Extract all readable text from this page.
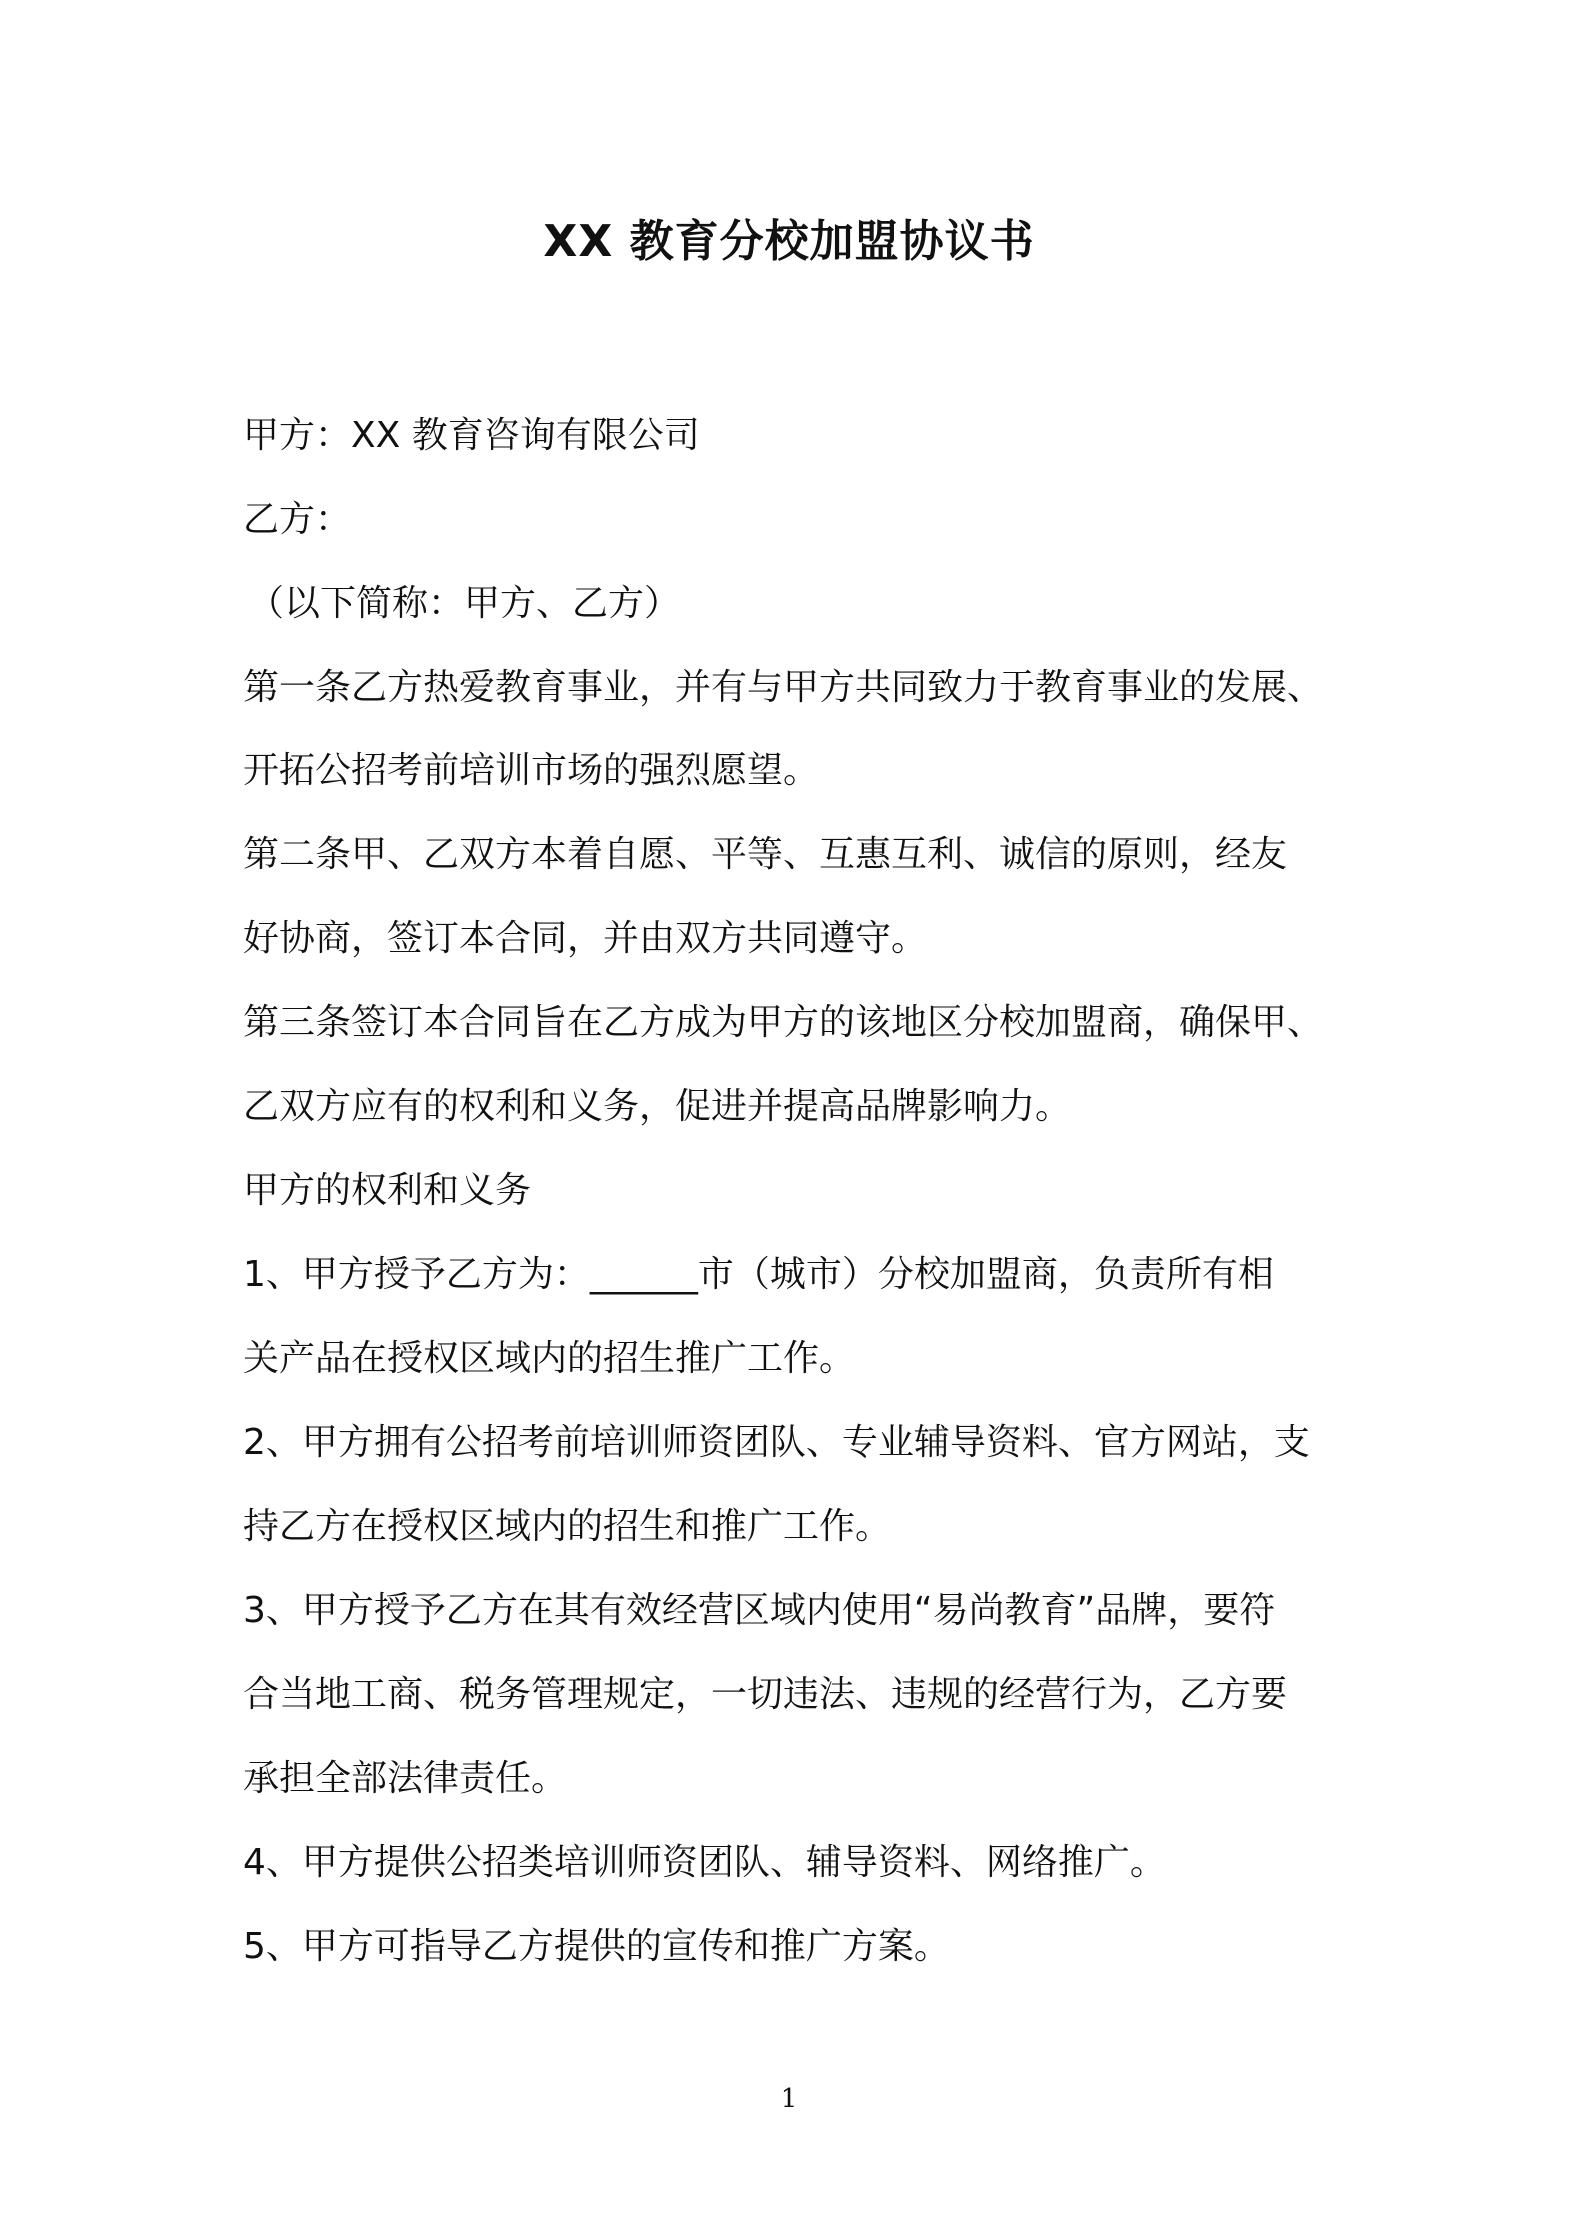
XX 教育分校加盟协议书
甲方：XX 教育咨询有限公司
乙方：
（以下简称：甲方、乙方）
第一条乙方热爱教育事业，并有与甲方共同致力于教育事业的发展、
开拓公招考前培训市场的强烈愿望。
第二条甲、乙双方本着自愿、平等、互惠互利、诚信的原则，经友
好协商，签订本合同，并由双方共同遵守。
第三条签订本合同旨在乙方成为甲方的该地区分校加盟商，确保甲、
乙双方应有的权利和义务，促进并提高品牌影响力。
甲方的权利和义务
1、甲方授予乙方为：______市（城市）分校加盟商，负责所有相
关产品在授权区域内的招生推广工作。
2、甲方拥有公招考前培训师资团队、专业辅导资料、官方网站，支
持乙方在授权区域内的招生和推广工作。
3、甲方授予乙方在其有效经营区域内使用“易尚教育”品牌，要符
合当地工商、税务管理规定，一切违法、违规的经营行为，乙方要
承担全部法律责任。
4、甲方提供公招类培训师资团队、辅导资料、网络推广。
5、甲方可指导乙方提供的宣传和推广方案。
1
